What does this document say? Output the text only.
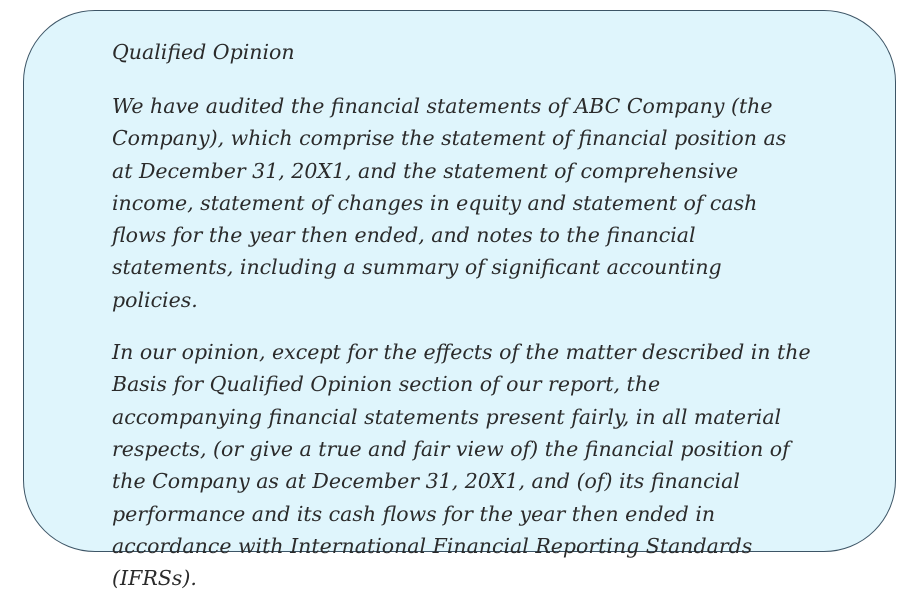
Qualified Opinion

We have audited the financial statements of ABC Company (the Company), which comprise the statement of financial position as at December 31, 20X1, and the statement of comprehensive income, statement of changes in equity and statement of cash flows for the year then ended, and notes to the financial statements, including a summary of significant accounting policies.

In our opinion, except for the effects of the matter described in the Basis for Qualified Opinion section of our report, the accompanying financial statements present fairly, in all material respects, (or give a true and fair view of) the financial position of the Company as at December 31, 20X1, and (of) its financial performance and its cash flows for the year then ended in accordance with International Financial Reporting Standards (IFRSs).
